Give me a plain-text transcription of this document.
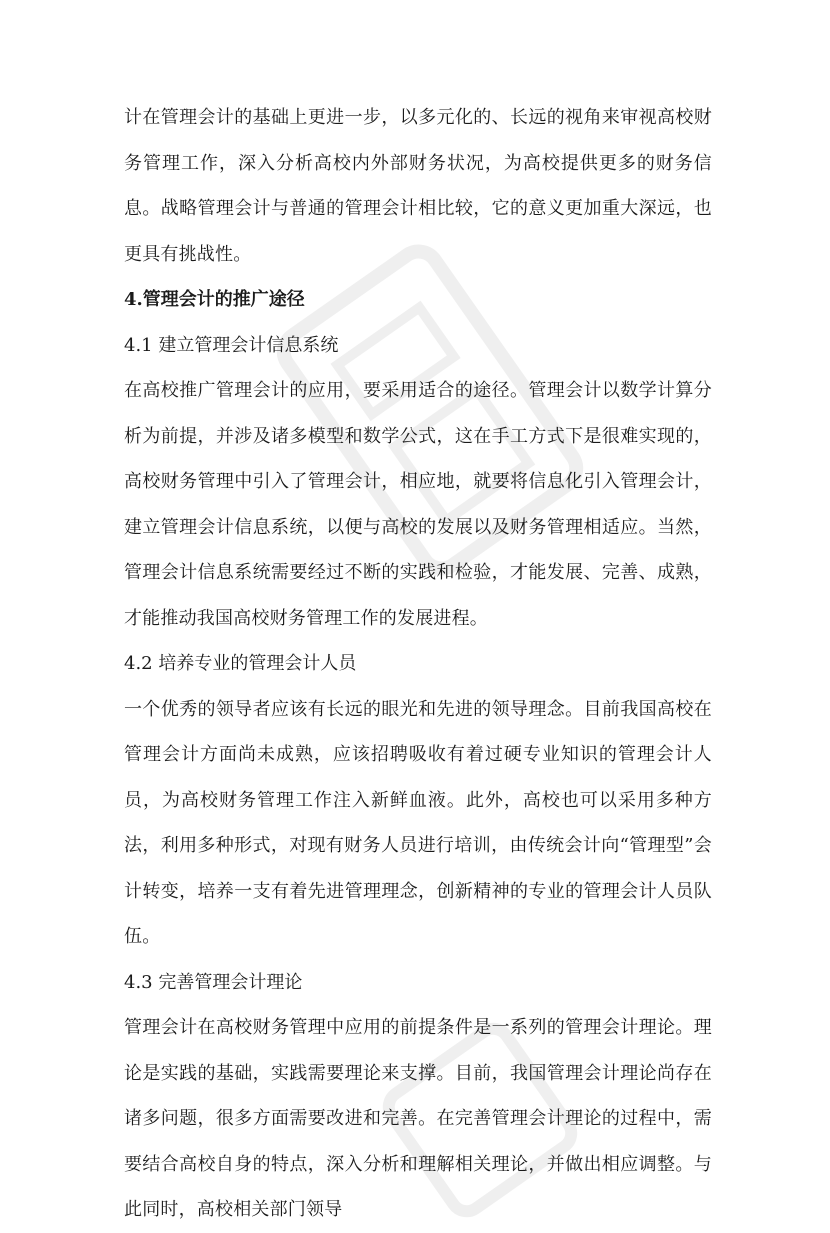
计在管理会计的基础上更进一步，以多元化的、长远的视角来审视高校财务管理工作，深入分析高校内外部财务状况，为高校提供更多的财务信息。战略管理会计与普通的管理会计相比较，它的意义更加重大深远，也更具有挑战性。

4.管理会计的推广途径

4.1 建立管理会计信息系统

在高校推广管理会计的应用，要采用适合的途径。管理会计以数学计算分析为前提，并涉及诸多模型和数学公式，这在手工方式下是很难实现的，高校财务管理中引入了管理会计，相应地，就要将信息化引入管理会计，建立管理会计信息系统，以便与高校的发展以及财务管理相适应。当然，管理会计信息系统需要经过不断的实践和检验，才能发展、完善、成熟，才能推动我国高校财务管理工作的发展进程。

4.2 培养专业的管理会计人员

一个优秀的领导者应该有长远的眼光和先进的领导理念。目前我国高校在管理会计方面尚未成熟，应该招聘吸收有着过硬专业知识的管理会计人员，为高校财务管理工作注入新鲜血液。此外，高校也可以采用多种方法，利用多种形式，对现有财务人员进行培训，由传统会计向“管理型”会计转变，培养一支有着先进管理理念，创新精神的专业的管理会计人员队伍。

4.3 完善管理会计理论

管理会计在高校财务管理中应用的前提条件是一系列的管理会计理论。理论是实践的基础，实践需要理论来支撑。目前，我国管理会计理论尚存在诸多问题，很多方面需要改进和完善。在完善管理会计理论的过程中，需要结合高校自身的特点，深入分析和理解相关理论，并做出相应调整。与此同时，高校相关部门领导
